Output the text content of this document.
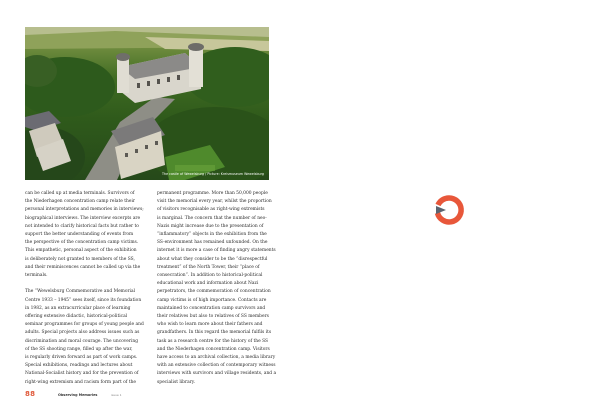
The castle of Wewelsburg / Picture: Kreismuseum Wewelsburg
can be called up at media terminals. Survivors of
the Niederhagen concentration camp relate their
personal interpretations and memories in interviews;
biographical interviews. The interview excerpts are
not intended to clarify historical facts but rather to
support the better understanding of events from
the perspective of the concentration camp victims.
This empathetic, personal aspect of the exhibition
is deliberately not granted to members of the SS,
and their reminiscences cannot be called up via the
terminals.
The “Wewelsburg Commemorative and Memorial
Centre 1933 – 1945” sees itself, since its foundation
in 1982, as an extracurricular place of learning
offering extensive didactic, historical-political
seminar programmes for groups of young people and
adults. Special projects also address issues such as
discrimination and moral courage. The uncovering
of the SS shooting range, filled up after the war,
is regularly driven forward as part of work camps.
Special exhibitions, readings and lectures about
National-Socialist history and for the prevention of
right-wing extremism and racism form part of the
permanent programme. More than 50,000 people
visit the memorial every year, whilst the proportion
of visitors recognisable as right-wing extremists
is marginal. The concern that the number of neo-
Nazis might increase due to the presentation of
“inflammatory” objects in the exhibition from the
SS-environment has remained unfounded. On the
internet it is more a case of finding angry statements
about what they consider to be the “disrespectful
treatment” of the North Tower, their “place of
consecration”. In addition to historical-political
educational work and information about Nazi
perpetrators, the commemoration of concentration
camp victims is of high importance. Contacts are
maintained to concentration camp survivors and
their relatives but also to relatives of SS members
who wish to learn more about their fathers and
grandfathers. In this regard the memorial fulfils its
task as a research centre for the history of the SS
and the Niederhagen concentration camp. Visitors
have access to an archival collection, a media library
with an extensive collection of contemporary witness
interviews with survivors and village residents, and a
specialist library.
88	Observing Memories	issue 1
